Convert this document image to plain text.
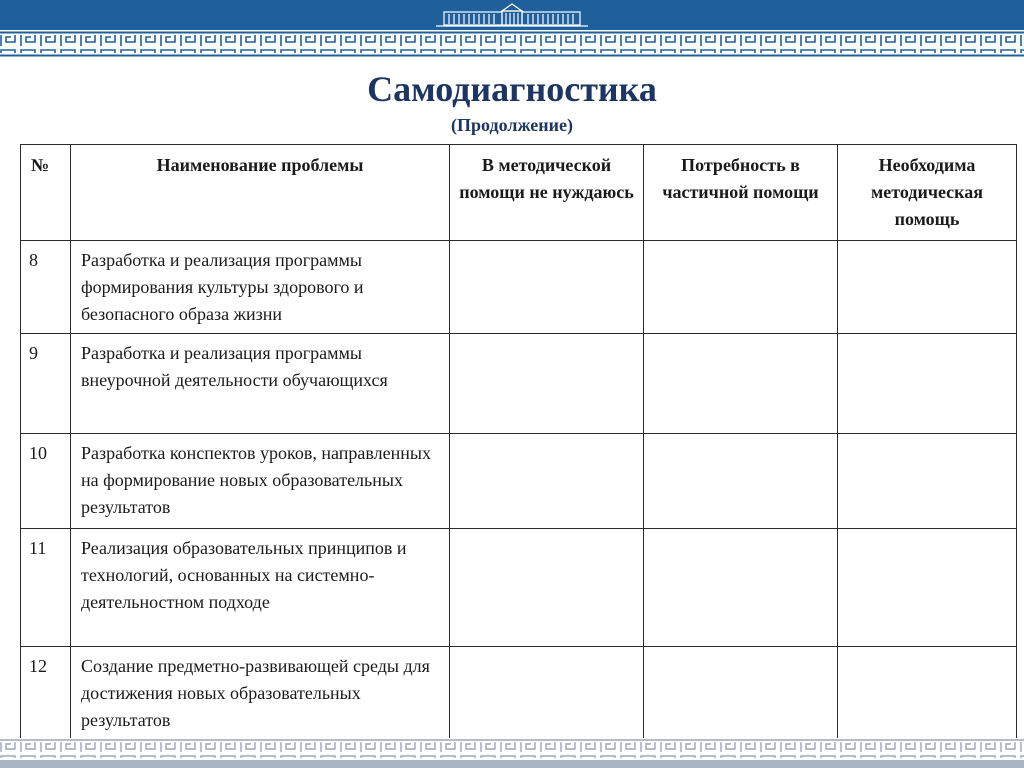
Самодиагностика
(Продолжение)
№	Наименование проблемы	В методической помощи не нуждаюсь	Потребность в частичной помощи	Необходима методическая помощь
8	Разработка и реализация программы формирования культуры здорового и безопасного образа жизни			
9	Разработка и реализация программы внеурочной деятельности обучающихся			
10	Разработка конспектов уроков, направленных на формирование новых образовательных результатов			
11	Реализация образовательных принципов и технологий, основанных на системно-деятельностном подходе			
12	Создание предметно-развивающей среды для достижения новых образовательных результатов			
